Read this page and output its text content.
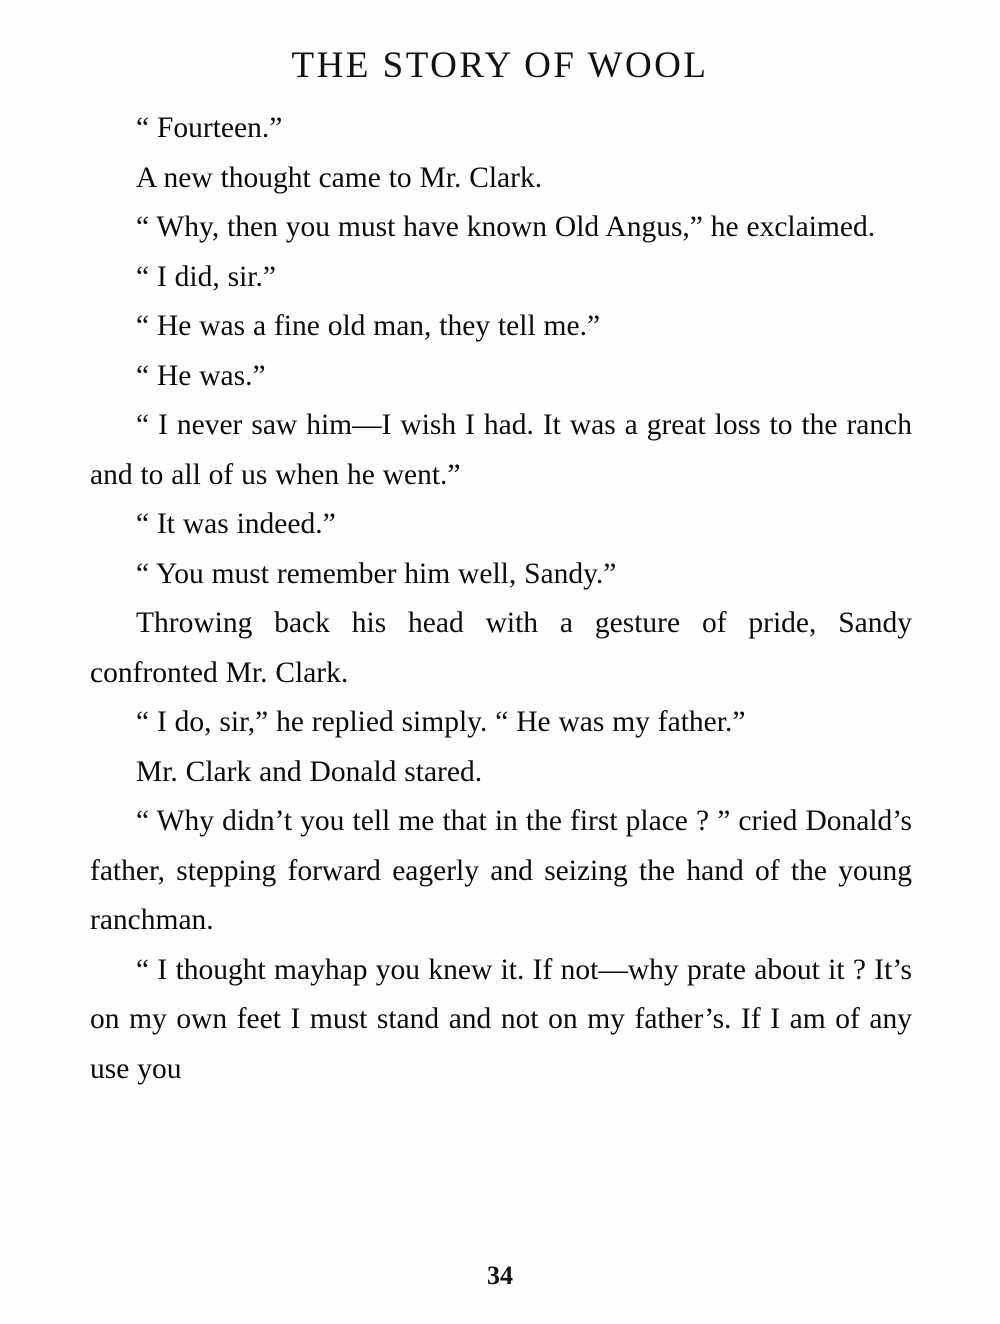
THE STORY OF WOOL

“ Fourteen.”

A new thought came to Mr. Clark.

“ Why, then you must have known Old Angus,” he exclaimed.

“ I did, sir.”

“ He was a fine old man, they tell me.”

“ He was.”

“ I never saw him—I wish I had. It was a great loss to the ranch and to all of us when he went.”

“ It was indeed.”

“ You must remember him well, Sandy.”

Throwing back his head with a gesture of pride, Sandy confronted Mr. Clark.

“ I do, sir,” he replied simply. “ He was my father.”

Mr. Clark and Donald stared.

“ Why didn’t you tell me that in the first place ? ” cried Donald’s father, stepping forward eagerly and seizing the hand of the young ranchman.

“ I thought mayhap you knew it. If not—why prate about it ? It’s on my own feet I must stand and not on my father’s. If I am of any use you

34
